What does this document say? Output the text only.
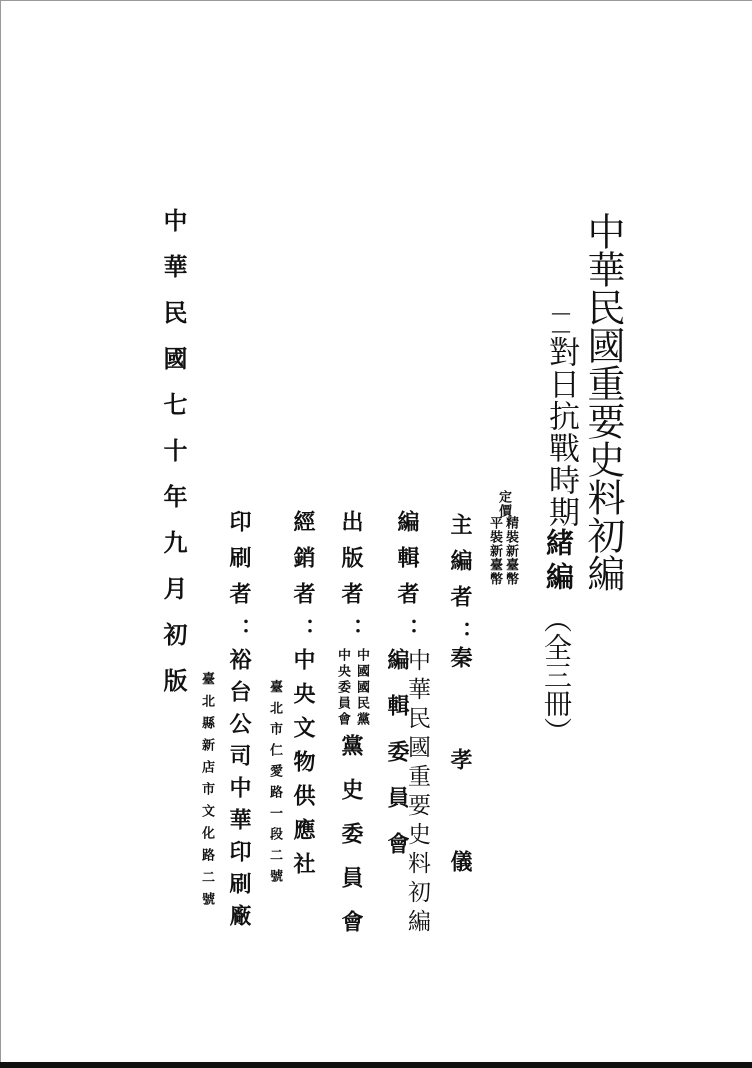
中華民國重要史料初編
——對日抗戰時期
緒編
（全三冊）
定價：
精裝新臺幣
平裝新臺幣
主編者：
秦孝儀
編輯者：
中華民國重要史料初編
編輯委員會
出版者：
中國國民黨
中央委員會
黨史委員會
經銷者：
中央文物供應社
臺北市仁愛路一段二號
印刷者：
裕台公司中華印刷廠
臺北縣新店市文化路二號
中華民國七十年九月初版
